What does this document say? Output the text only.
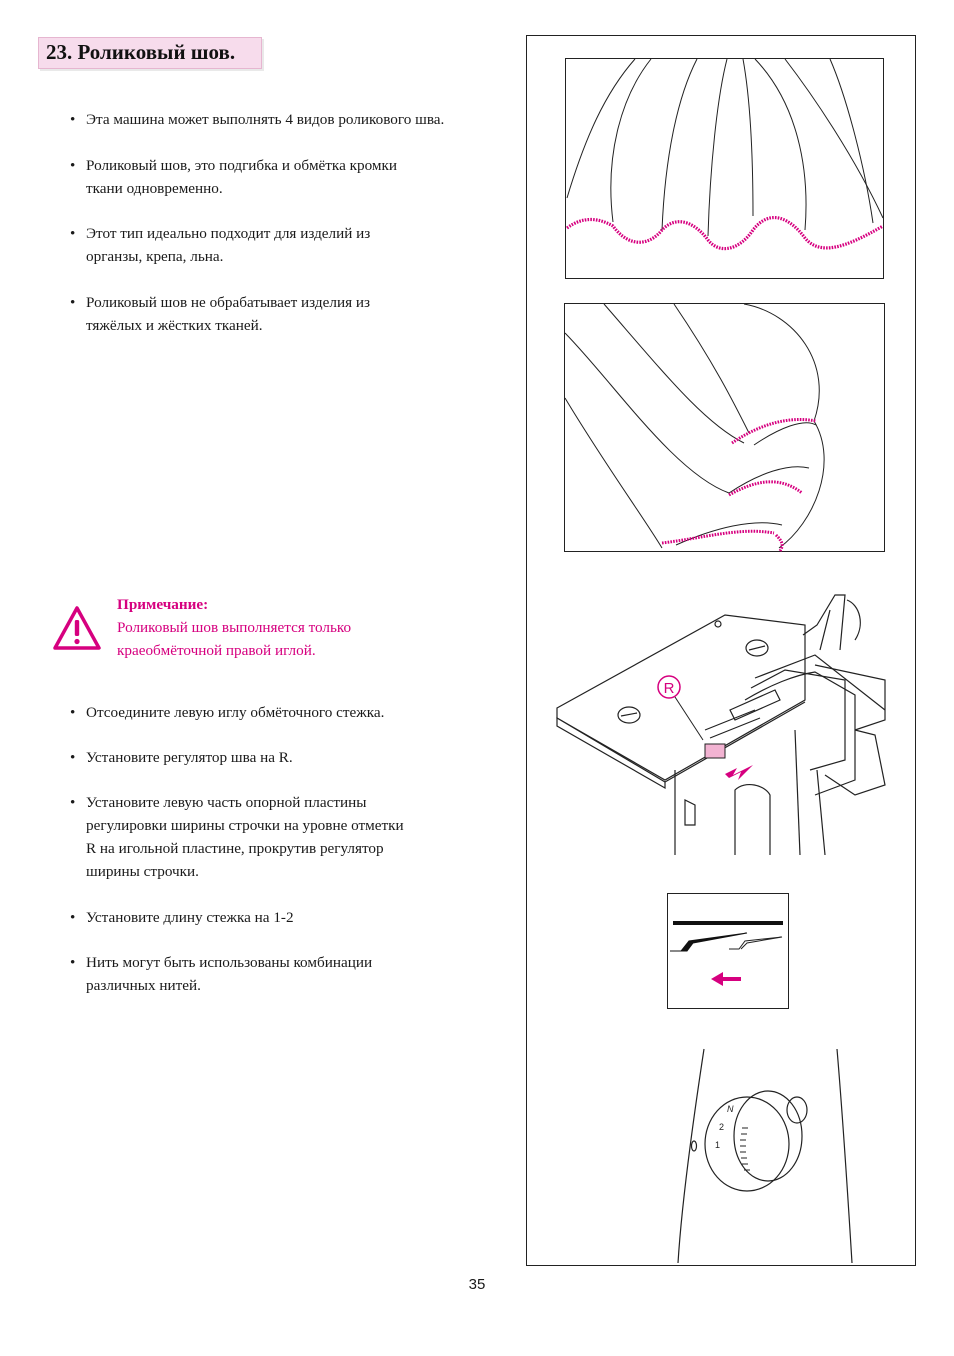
23. Роликовый шов.
• Эта машина может выполнять 4 видов роликового шва.
• Роликовый шов, это подгибка и обмётка кромки
ткани одновременно.
• Этот тип идеально подходит для изделий из
органзы, крепа, льна.
• Роликовый шов не обрабатывает изделия из
тяжёлых и жёстких тканей.
Примечание:
Роликовый шов выполняется только
краеобмёточной правой иглой.
• Отсоедините левую иглу обмёточного стежка.
• Установите регулятор шва на R.
• Установите левую часть опорной пластины
регулировки ширины строчки на уровне отметки
R на игольной пластине, прокрутив регулятор
ширины строчки.
• Установите длину стежка на 1-2
• Нить могут быть использованы комбинации
различных нитей.
R
N
2
1
35
